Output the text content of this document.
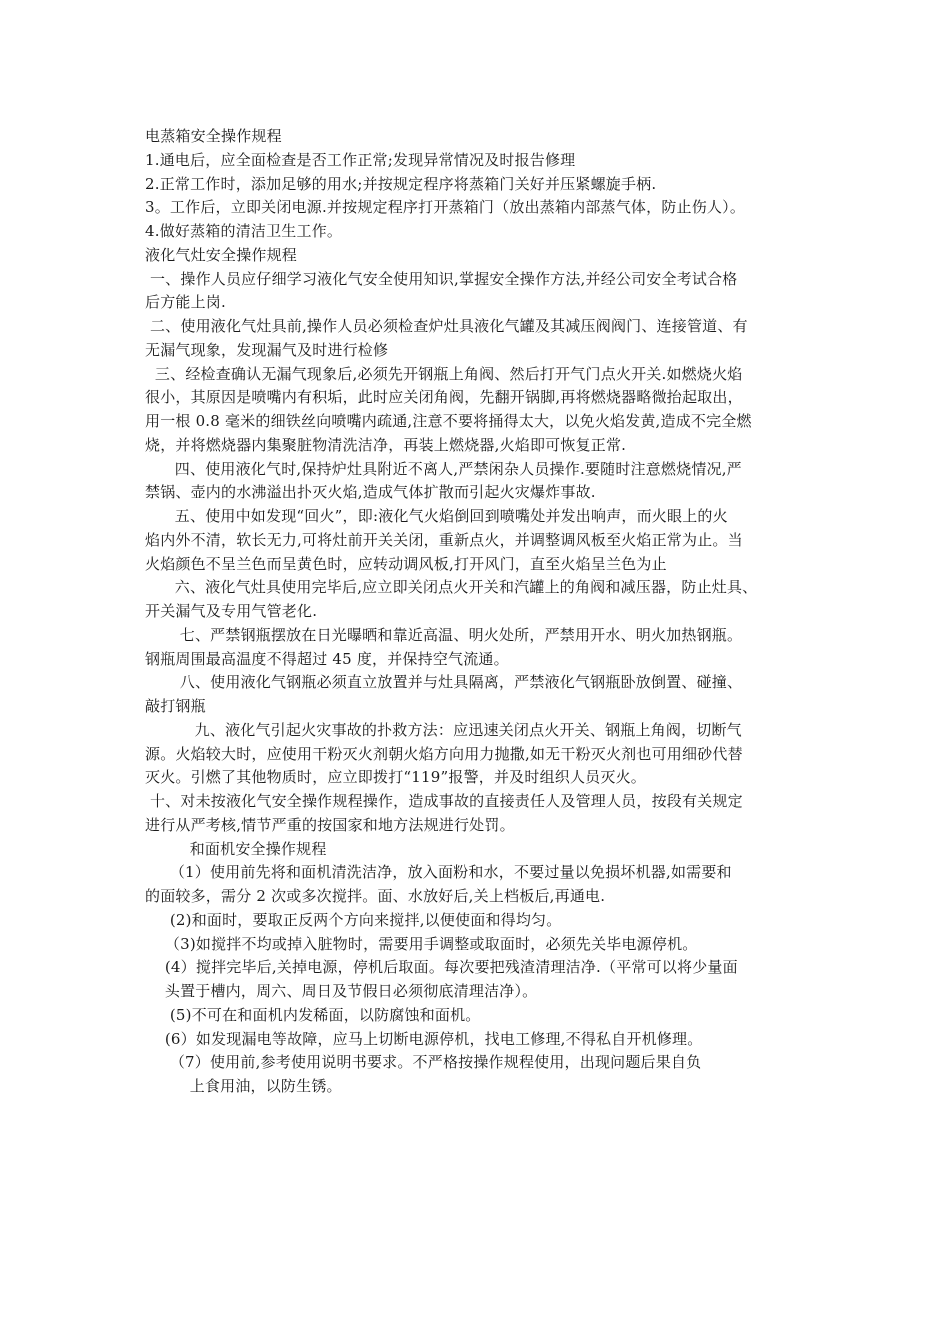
电蒸箱安全操作规程
1.通电后，应全面检查是否工作正常;发现异常情况及时报告修理
2.正常工作时，添加足够的用水;并按规定程序将蒸箱门关好并压紧螺旋手柄.
3。工作后，立即关闭电源.并按规定程序打开蒸箱门（放出蒸箱内部蒸气体，防止伤人）。
4.做好蒸箱的清洁卫生工作。
液化气灶安全操作规程
一、操作人员应仔细学习液化气安全使用知识,掌握安全操作方法,并经公司安全考试合格
后方能上岗.
二、使用液化气灶具前,操作人员必须检查炉灶具液化气罐及其减压阀阀门、连接管道、有
无漏气现象，发现漏气及时进行检修
三、经检查确认无漏气现象后,必须先开钢瓶上角阀、然后打开气门点火开关.如燃烧火焰
很小，其原因是喷嘴内有积垢，此时应关闭角阀，先翻开锅脚,再将燃烧器略微抬起取出，
用一根 0.8 毫米的细铁丝向喷嘴内疏通,注意不要将捅得太大，以免火焰发黄,造成不完全燃
烧，并将燃烧器内集聚脏物清洗洁净，再装上燃烧器,火焰即可恢复正常.
四、使用液化气时,保持炉灶具附近不离人,严禁闲杂人员操作.要随时注意燃烧情况,严
禁锅、壶内的水沸溢出扑灭火焰,造成气体扩散而引起火灾爆炸事故.
五、使用中如发现“回火”，即:液化气火焰倒回到喷嘴处并发出响声，而火眼上的火
焰内外不清，软长无力,可将灶前开关关闭，重新点火，并调整调风板至火焰正常为止。当
火焰颜色不呈兰色而呈黄色时，应转动调风板,打开风门，直至火焰呈兰色为止
六、液化气灶具使用完毕后,应立即关闭点火开关和汽罐上的角阀和减压器，防止灶具、
开关漏气及专用气管老化.
七、严禁钢瓶摆放在日光曝晒和靠近高温、明火处所，严禁用开水、明火加热钢瓶。
钢瓶周围最高温度不得超过 45 度，并保持空气流通。
八、使用液化气钢瓶必须直立放置并与灶具隔离，严禁液化气钢瓶卧放倒置、碰撞、
敲打钢瓶
九、液化气引起火灾事故的扑救方法：应迅速关闭点火开关、钢瓶上角阀，切断气
源。火焰较大时，应使用干粉灭火剂朝火焰方向用力抛撒,如无干粉灭火剂也可用细砂代替
灭火。引燃了其他物质时，应立即拨打“119”报警，并及时组织人员灭火。
十、对未按液化气安全操作规程操作，造成事故的直接责任人及管理人员，按段有关规定
进行从严考核,情节严重的按国家和地方法规进行处罚。
和面机安全操作规程
（1）使用前先将和面机清洗洁净，放入面粉和水，不要过量以免损坏机器,如需要和
的面较多，需分 2 次或多次搅拌。面、水放好后,关上档板后,再通电.
(2)和面时，要取正反两个方向来搅拌,以便使面和得均匀。
（3)如搅拌不均或掉入脏物时，需要用手调整或取面时，必须先关毕电源停机。
(4）搅拌完毕后,关掉电源，停机后取面。每次要把残渣清理洁净.（平常可以将少量面
头置于槽内，周六、周日及节假日必须彻底清理洁净）。
(5)不可在和面机内发稀面，以防腐蚀和面机。
(6）如发现漏电等故障，应马上切断电源停机，找电工修理,不得私自开机修理。
（7）使用前,参考使用说明书要求。不严格按操作规程使用，出现问题后果自负
上食用油，以防生锈。
